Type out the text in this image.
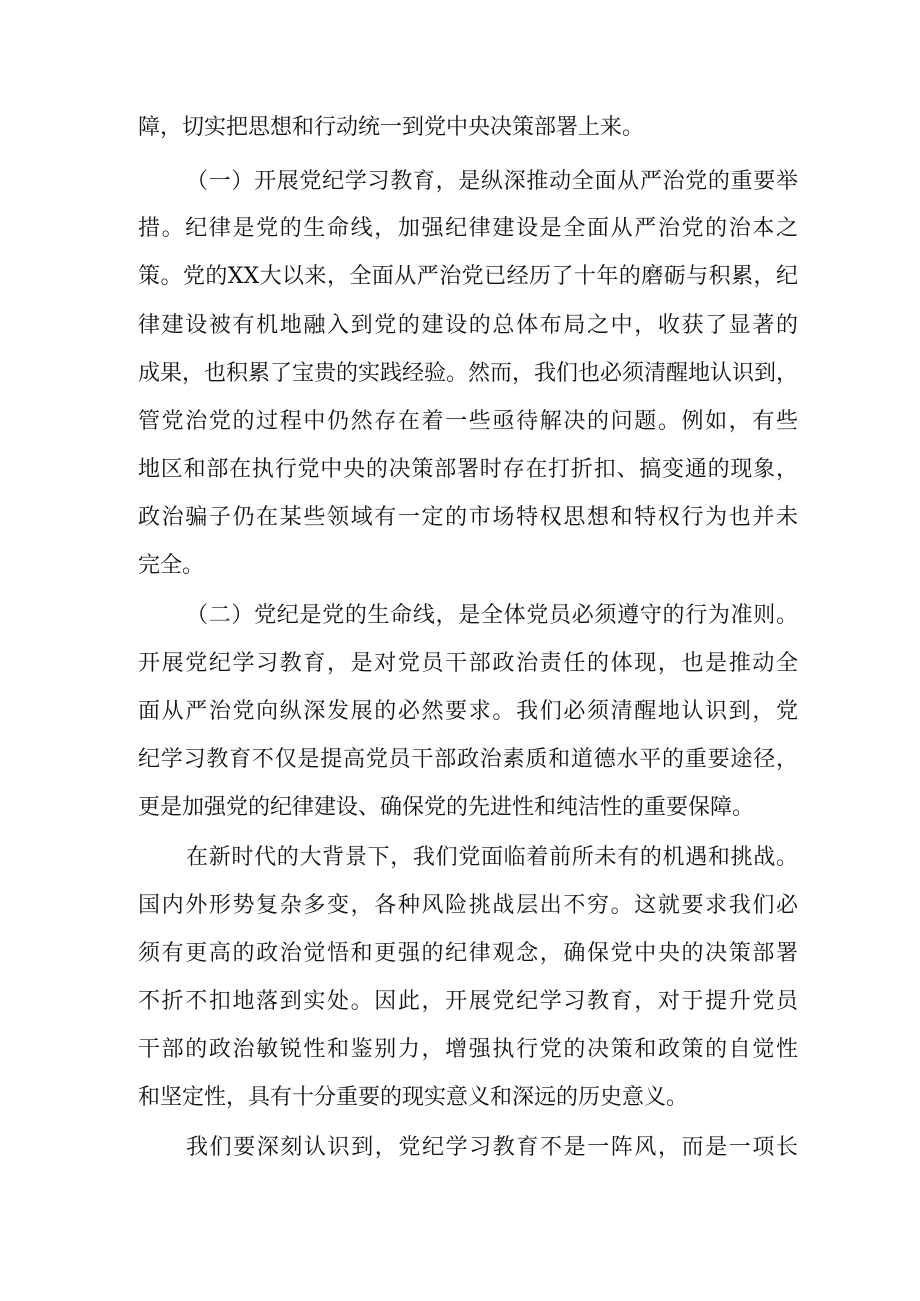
障，切实把思想和行动统一到党中央决策部署上来。
（一）开展党纪学习教育，是纵深推动全面从严治党的重要举
措。纪律是党的生命线，加强纪律建设是全面从严治党的治本之
策。党的XX大以来，全面从严治党已经历了十年的磨砺与积累，纪
律建设被有机地融入到党的建设的总体布局之中，收获了显著的
成果，也积累了宝贵的实践经验。然而，我们也必须清醒地认识到，
管党治党的过程中仍然存在着一些亟待解决的问题。例如，有些
地区和部在执行党中央的决策部署时存在打折扣、搞变通的现象，
政治骗子仍在某些领域有一定的市场特权思想和特权行为也并未
完全。
（二）党纪是党的生命线，是全体党员必须遵守的行为准则。
开展党纪学习教育，是对党员干部政治责任的体现，也是推动全
面从严治党向纵深发展的必然要求。我们必须清醒地认识到，党
纪学习教育不仅是提高党员干部政治素质和道德水平的重要途径，
更是加强党的纪律建设、确保党的先进性和纯洁性的重要保障。
在新时代的大背景下，我们党面临着前所未有的机遇和挑战。
国内外形势复杂多变，各种风险挑战层出不穷。这就要求我们必
须有更高的政治觉悟和更强的纪律观念，确保党中央的决策部署
不折不扣地落到实处。因此，开展党纪学习教育，对于提升党员
干部的政治敏锐性和鉴别力，增强执行党的决策和政策的自觉性
和坚定性，具有十分重要的现实意义和深远的历史意义。
我们要深刻认识到，党纪学习教育不是一阵风，而是一项长
